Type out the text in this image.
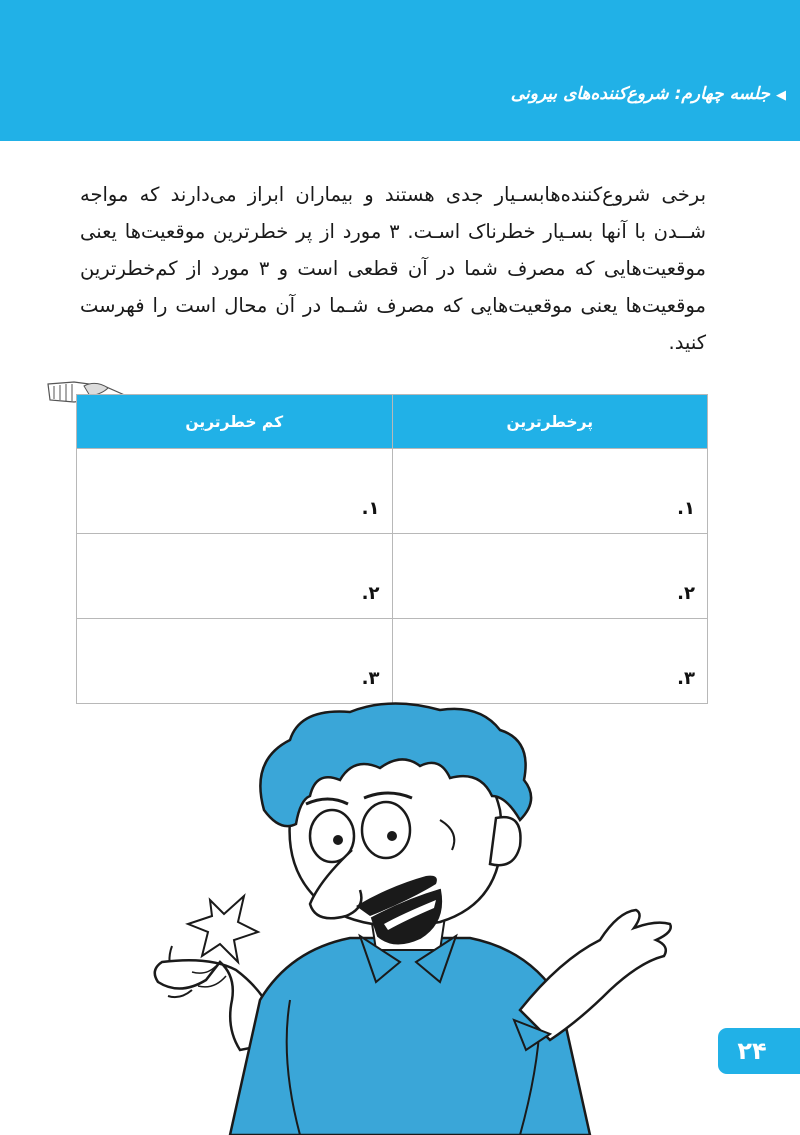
◀جلسه چهارم: شروع‌کننده‌های بیرونی

برخی شروع‌کننده‌هابسـیار جدی هستند و بیماران ابراز می‌دارند که مواجه شــدن با آنها بسـیار خطرناک اسـت. ۳ مورد از پر خطرترین موقعیت‌ها یعنی موقعیت‌هایی که مصرف شما در آن قطعی است و ۳ مورد از کم‌خطرترین موقعیت‌ها یعنی موقعیت‌هایی که مصرف شـما در آن محال است را فهرست کنید.

پرخطرترین	کم خطرترین
۱.	۱.
۲.	۲.
۳.	۳.
۲۴
